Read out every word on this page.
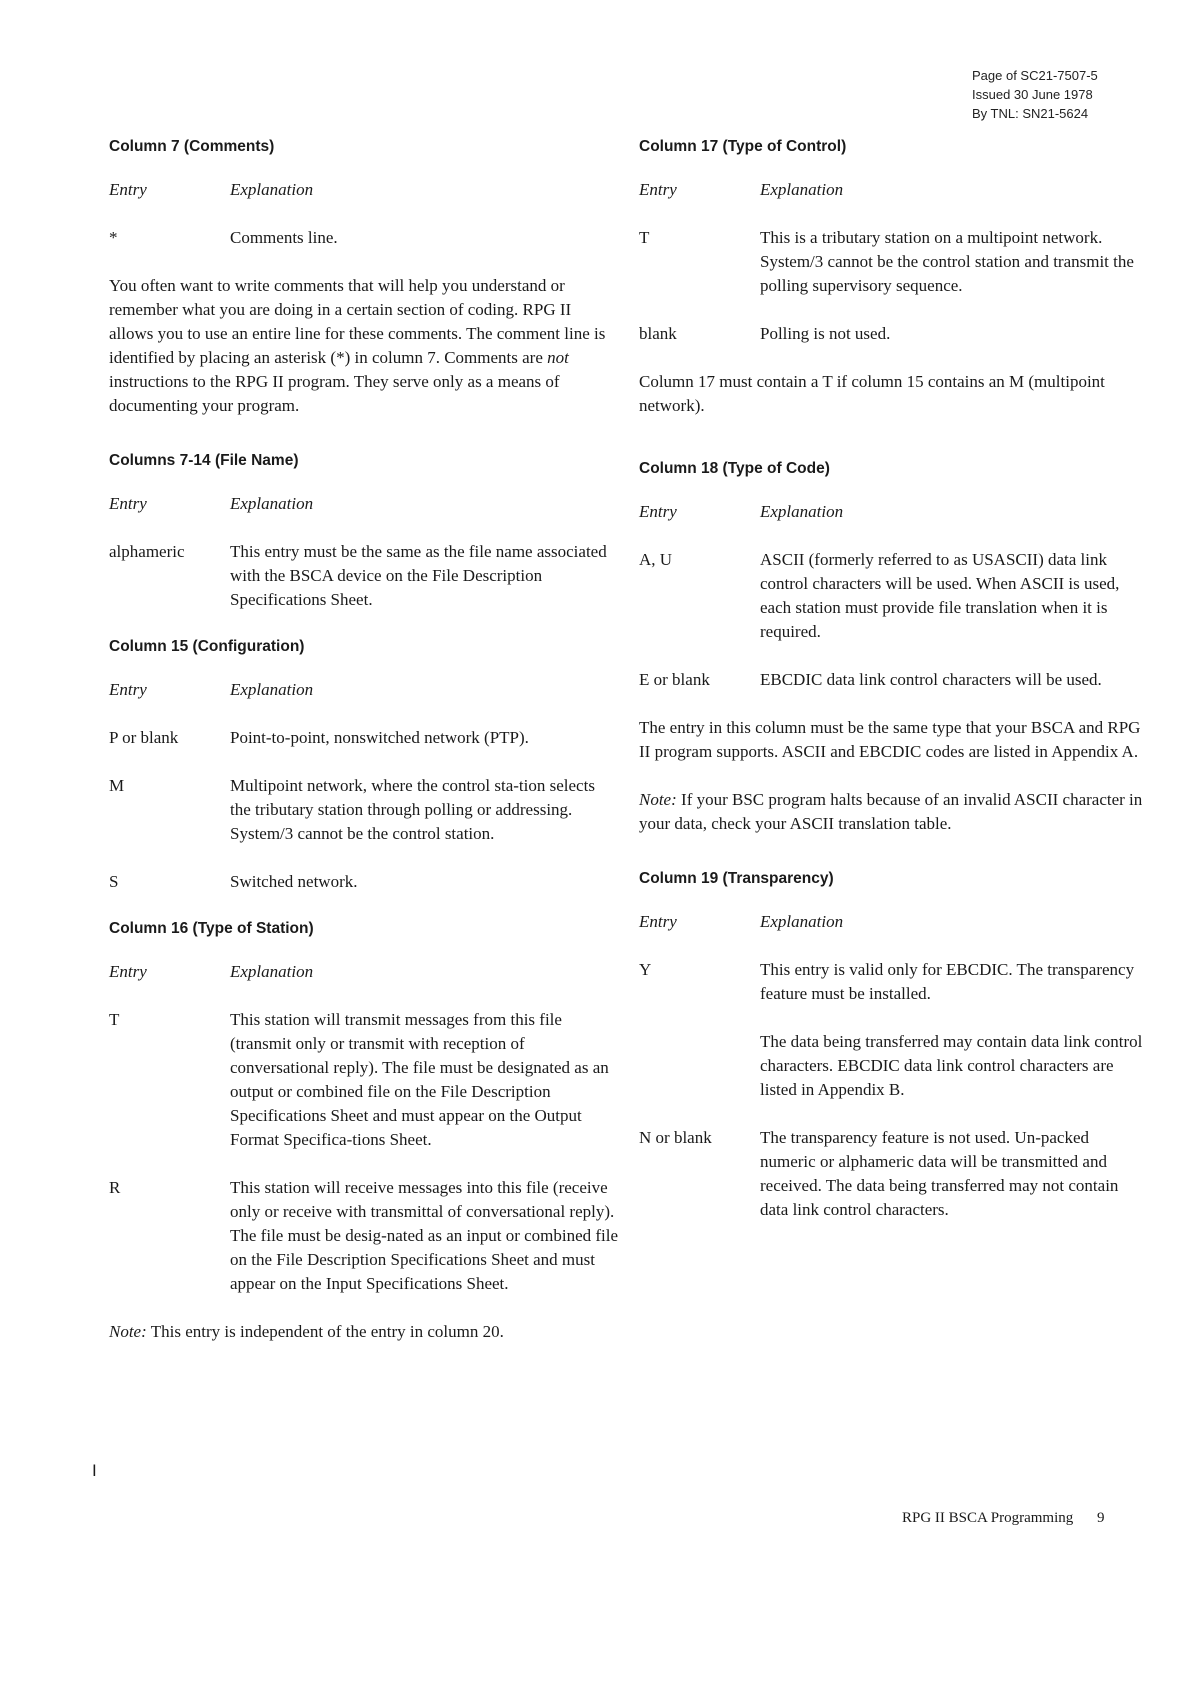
Page of SC21-7507-5
Issued 30 June 1978
By TNL: SN21-5624
Column 7 (Comments)
Entry	Explanation
*	Comments line.

You often want to write comments that will help you understand or remember what you are doing in a certain section of coding. RPG II allows you to use an entire line for these comments. The comment line is identified by placing an asterisk (*) in column 7. Comments are not instructions to the RPG II program. They serve only as a means of documenting your program.

Columns 7-14 (File Name)
Entry	Explanation
alphameric	This entry must be the same as the file name associated with the BSCA device on the File Description Specifications Sheet.
Column 15 (Configuration)
Entry	Explanation
P or blank	Point-to-point, nonswitched network (PTP).
M	Multipoint network, where the control sta-tion selects the tributary station through polling or addressing. System/3 cannot be the control station.
S	Switched network.
Column 16 (Type of Station)
Entry	Explanation
T	This station will transmit messages from this file (transmit only or transmit with reception of conversational reply). The file must be designated as an output or combined file on the File Description Specifications Sheet and must appear on the Output Format Specifica-tions Sheet.
R	This station will receive messages into this file (receive only or receive with transmittal of conversational reply). The file must be desig-nated as an input or combined file on the File Description Specifications Sheet and must appear on the Input Specifications Sheet.

Note: This entry is independent of the entry in column 20.

I
Column 17 (Type of Control)
Entry	Explanation
T	This is a tributary station on a multipoint network. System/3 cannot be the control station and transmit the polling supervisory sequence.
blank	Polling is not used.

Column 17 must contain a T if column 15 contains an M (multipoint network).

Column 18 (Type of Code)
Entry	Explanation
A, U	ASCII (formerly referred to as USASCII) data link control characters will be used. When ASCII is used, each station must provide file translation when it is required.
E or blank	EBCDIC data link control characters will be used.

The entry in this column must be the same type that your BSCA and RPG II program supports. ASCII and EBCDIC codes are listed in Appendix A.

Note: If your BSC program halts because of an invalid ASCII character in your data, check your ASCII translation table.

Column 19 (Transparency)
Entry	Explanation
Y	This entry is valid only for EBCDIC. The transparency feature must be installed.

The data being transferred may contain data link control characters. EBCDIC data link control characters are listed in Appendix B.

N or blank	The transparency feature is not used. Un-packed numeric or alphameric data will be transmitted and received. The data being transferred may not contain data link control characters.
RPG II BSCA Programming 9
